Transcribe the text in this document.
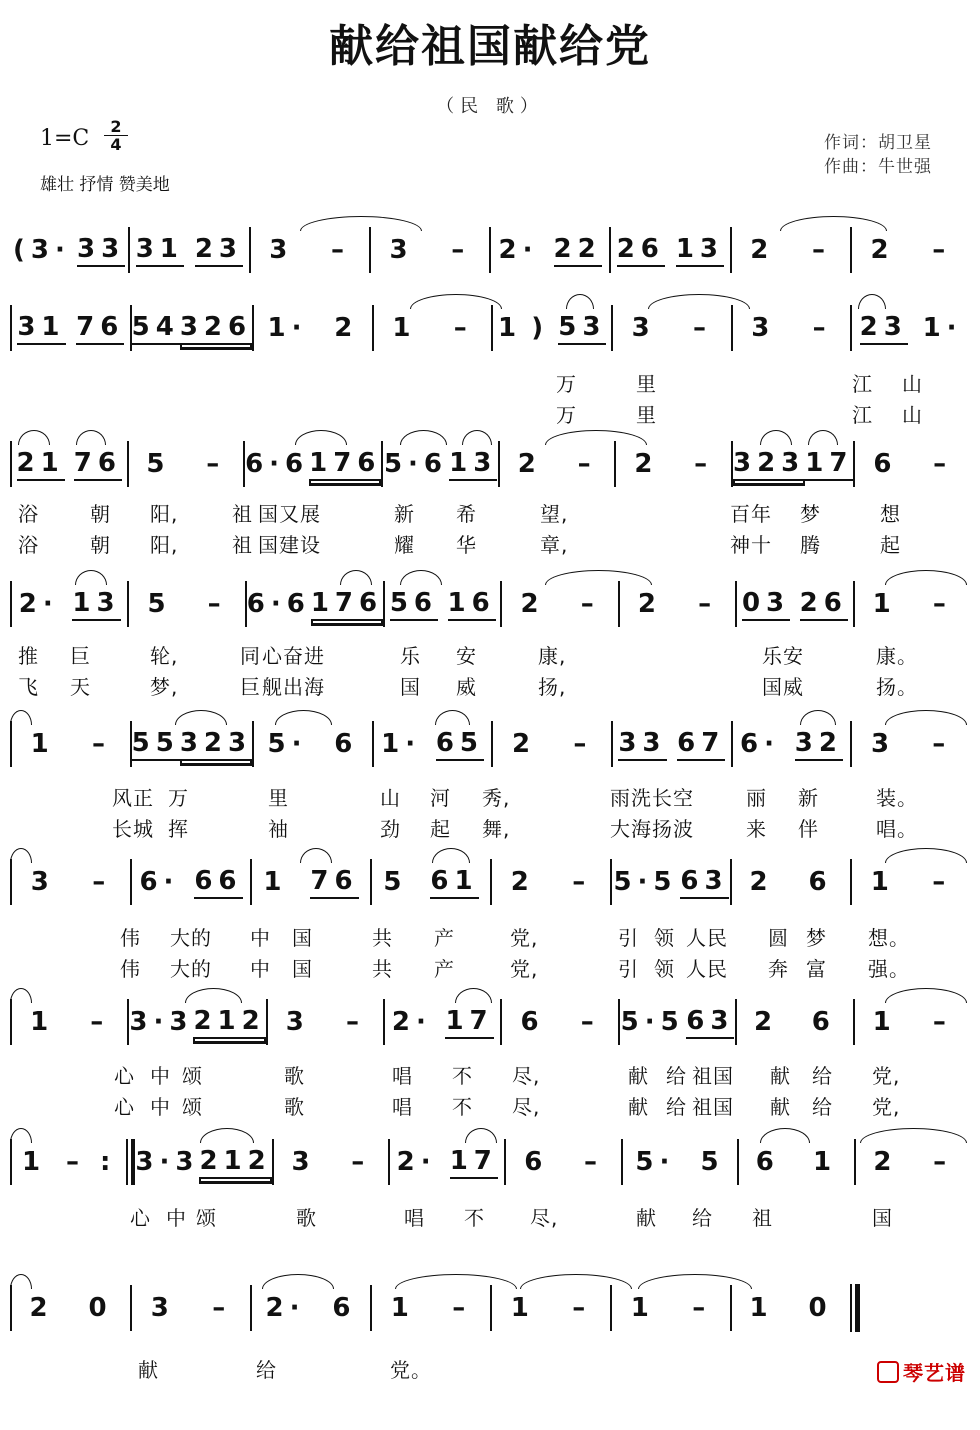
献给祖国献给党
（民 歌）
1=C	2
4
雄壮 抒情 赞美地
作词：胡卫星
作曲：牛世强
(3· 33 31 23 3 – 3 – 2· 22 26 13 2 – 2 –
31 76 54 326 1· 2 1 – 1 ) 53 3 – 3 – 23 1·
万	里	江 山
万	里	江 山
21 76 5 – 6·6 176 5·6 13 2 – 2 – 323 17 6 –
浴	朝 阳,	祖 国又展	新 希	望,	百年 梦	想
浴	朝 阳,	祖 国建设	耀 华	章,	神十 腾	起
2· 13 5 – 6· 6 176 56 16 2 – 2 – 03 26 1 –
推 巨	轮,	同 心奋进	乐 安	康,	乐安	康。
飞 天	梦,	巨 舰出海	国 威	扬,	国威	扬。
1 – 55 323 5· 6 1· 65 2 – 33 67 6· 32 3 –
风正 万	里	山 河 秀,	雨洗长空	丽 新	装。
长城 挥	袖	劲 起 舞,	大海扬波	来 伴	唱。
3 – 6· 66 1 76 5 61 2 – 5·5 63 2 6 1 –
伟 大的 中 国	共 产	党,	引 领 人民 圆 梦 想。
伟 大的 中 国	共 产	党,	引 领 人民 奔 富 强。
1 – 3·3 212 3 – 2· 17 6 – 5·5 63 2 6 1 –
心 中 颂	歌	唱 不 尽,	献 给 祖国 献 给 党,
心 中 颂	歌	唱 不 尽,	献 给 祖国 献 给 党,
1 – : 3·3 212 3 – 2· 17 6 – 5· 5 6 1 2 –
心 中 颂	歌	唱 不 尽,	献 给 祖	国
2 0 3 – 2· 6 1 – 1 – 1 – 1 0
献	给	党。	琴艺谱
